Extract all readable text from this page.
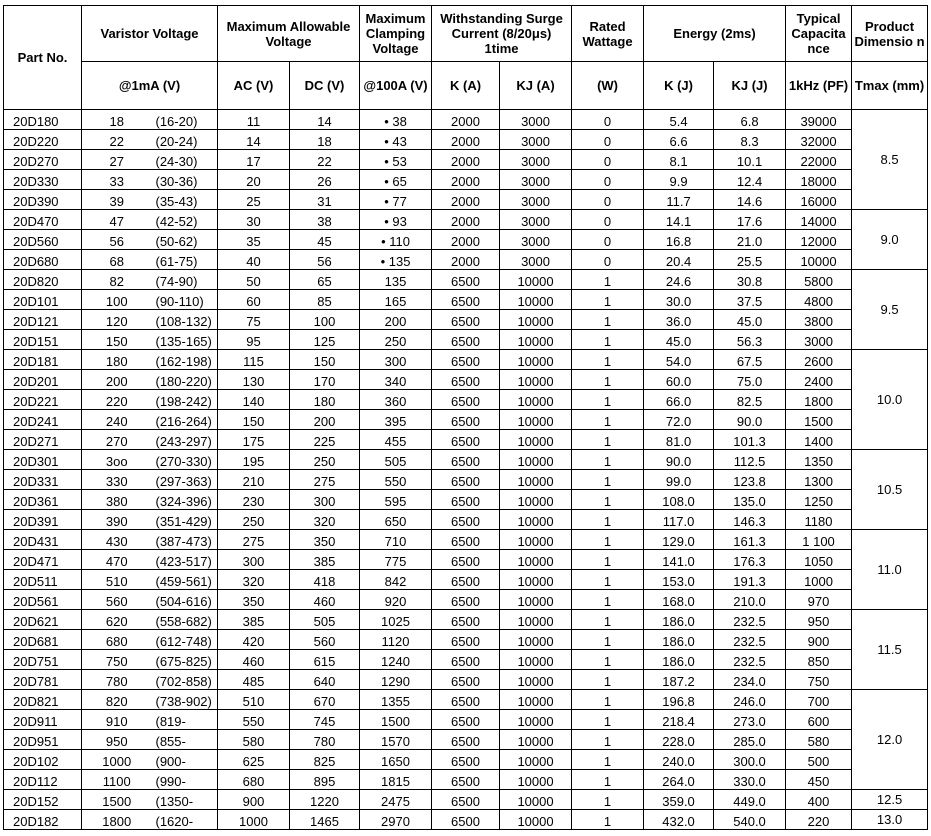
Part No.	Varistor Voltage		Maximum Allowable Voltage		Maximum Clamping Voltage	Withstanding Surge Current (8/20μs) 1time		Rated Wattage	Energy (2ms)		Typical Capacita nce	Product Dimensio n
	@1mA (V)		AC (V)	DC (V)	@100A (V)	K (A)	KJ (A)	(W)	K (J)	KJ (J)	1kHz (PF)	Tmax (mm)
20D180	18	(16-20)	11	14	• 38	2000	3000	0	5.4	6.8	39000	8.5
20D220	22	(20-24)	14	18	• 43	2000	3000	0	6.6	8.3	32000	
20D270	27	(24-30)	17	22	• 53	2000	3000	0	8.1	10.1	22000	
20D330	33	(30-36)	20	26	• 65	2000	3000	0	9.9	12.4	18000	
20D390	39	(35-43)	25	31	• 77	2000	3000	0	11.7	14.6	16000	
20D470	47	(42-52)	30	38	• 93	2000	3000	0	14.1	17.6	14000	9.0
20D560	56	(50-62)	35	45	• 110	2000	3000	0	16.8	21.0	12000	
20D680	68	(61-75)	40	56	• 135	2000	3000	0	20.4	25.5	10000	
20D820	82	(74-90)	50	65	135	6500	10000	1	24.6	30.8	5800	9.5
20D101	100	(90-110)	60	85	165	6500	10000	1	30.0	37.5	4800	
20D121	120	(108-132)	75	100	200	6500	10000	1	36.0	45.0	3800	
20D151	150	(135-165)	95	125	250	6500	10000	1	45.0	56.3	3000	
20D181	180	(162-198)	115	150	300	6500	10000	1	54.0	67.5	2600	10.0
20D201	200	(180-220)	130	170	340	6500	10000	1	60.0	75.0	2400	
20D221	220	(198-242)	140	180	360	6500	10000	1	66.0	82.5	1800	
20D241	240	(216-264)	150	200	395	6500	10000	1	72.0	90.0	1500	
20D271	270	(243-297)	175	225	455	6500	10000	1	81.0	101.3	1400	
20D301	3oo	(270-330)	195	250	505	6500	10000	1	90.0	112.5	1350	10.5
20D331	330	(297-363)	210	275	550	6500	10000	1	99.0	123.8	1300	
20D361	380	(324-396)	230	300	595	6500	10000	1	108.0	135.0	1250	
20D391	390	(351-429)	250	320	650	6500	10000	1	117.0	146.3	1180	
20D431	430	(387-473)	275	350	710	6500	10000	1	129.0	161.3	1 100	11.0
20D471	470	(423-517)	300	385	775	6500	10000	1	141.0	176.3	1050	
20D511	510	(459-561)	320	418	842	6500	10000	1	153.0	191.3	1000	
20D561	560	(504-616)	350	460	920	6500	10000	1	168.0	210.0	970	
20D621	620	(558-682)	385	505	1025	6500	10000	1	186.0	232.5	950	11.5
20D681	680	(612-748)	420	560	1120	6500	10000	1	186.0	232.5	900	
20D751	750	(675-825)	460	615	1240	6500	10000	1	186.0	232.5	850	
20D781	780	(702-858)	485	640	1290	6500	10000	1	187.2	234.0	750	
20D821	820	(738-902)	510	670	1355	6500	10000	1	196.8	246.0	700	12.0
20D911	910	(819-	550	745	1500	6500	10000	1	218.4	273.0	600	
20D951	950	(855-	580	780	1570	6500	10000	1	228.0	285.0	580	
20D102	1000	(900-	625	825	1650	6500	10000	1	240.0	300.0	500	
20D112	1100	(990-	680	895	1815	6500	10000	1	264.0	330.0	450	
20D152	1500	(1350-	900	1220	2475	6500	10000	1	359.0	449.0	400	12.5
20D182	1800	(1620-	1000	1465	2970	6500	10000	1	432.0	540.0	220	13.0
